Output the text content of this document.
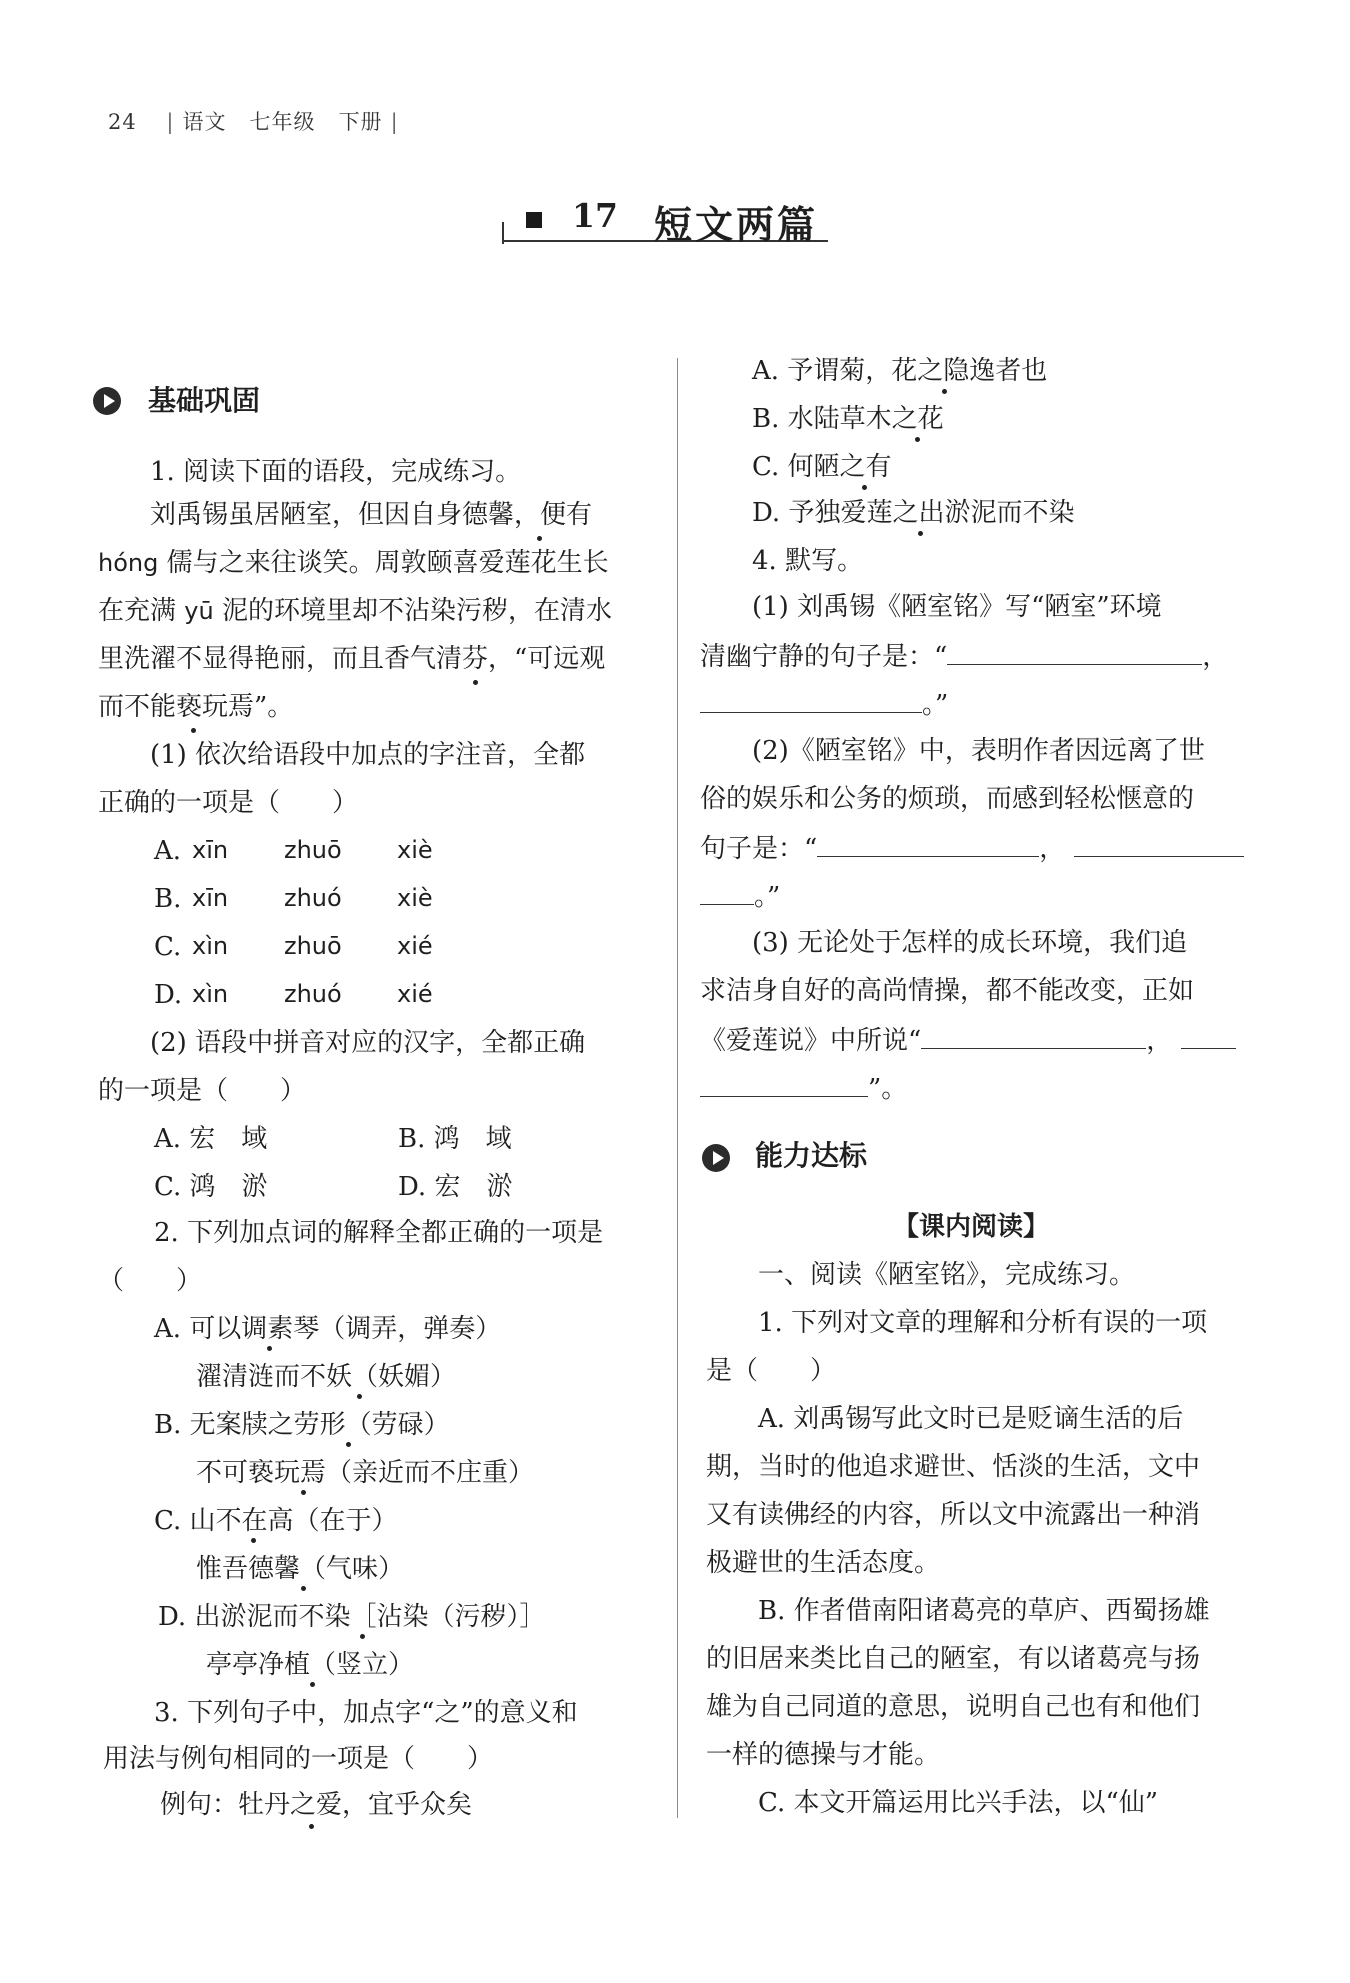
24 | 语文 七年级 下册 |
17 短文两篇
基础巩固
1. 阅读下面的语段，完成练习。
刘禹锡虽居陋室，但因自身德馨，便有
hóng 儒与之来往谈笑。周敦颐喜爱莲花生长
在充满 yū 泥的环境里却不沾染污秽，在清水
里洗濯不显得艳丽，而且香气清芬，“可远观
而不能亵玩焉”。
(1) 依次给语段中加点的字注音，全都
正确的一项是（　　）
A. xīn zhuō xiè
B. xīn zhuó xiè
C. xìn zhuō xié
D. xìn zhuó xié
(2) 语段中拼音对应的汉字，全都正确
的一项是（　　）
A. 宏　域	B. 鸿　域
C. 鸿　淤	D. 宏　淤
2. 下列加点词的解释全都正确的一项是
（　　）
A. 可以调素琴（调弄，弹奏）
濯清涟而不妖（妖媚）
B. 无案牍之劳形（劳碌）
不可亵玩焉（亲近而不庄重）
C. 山不在高（在于）
惟吾德馨（气味）
D. 出淤泥而不染［沾染（污秽）］
亭亭净植（竖立）
3. 下列句子中，加点字“之”的意义和
用法与例句相同的一项是（　　）
例句：牡丹之爱，宜乎众矣
A. 予谓菊，花之隐逸者也
B. 水陆草木之花
C. 何陋之有
D. 予独爱莲之出淤泥而不染
4. 默写。
(1) 刘禹锡《陋室铭》写“陋室”环境
清幽宁静的句子是：“	，
。”
(2)《陋室铭》中，表明作者因远离了世
俗的娱乐和公务的烦琐，而感到轻松惬意的
句子是：“	，
。”
(3) 无论处于怎样的成长环境，我们追
求洁身自好的高尚情操，都不能改变，正如
《爱莲说》中所说“	，
”。
能力达标
【课内阅读】
一、阅读《陋室铭》，完成练习。
1. 下列对文章的理解和分析有误的一项
是（　　）
A. 刘禹锡写此文时已是贬谪生活的后
期，当时的他追求避世、恬淡的生活，文中
又有读佛经的内容，所以文中流露出一种消
极避世的生活态度。
B. 作者借南阳诸葛亮的草庐、西蜀扬雄
的旧居来类比自己的陋室，有以诸葛亮与扬
雄为自己同道的意思，说明自己也有和他们
一样的德操与才能。
C. 本文开篇运用比兴手法，以“仙”
